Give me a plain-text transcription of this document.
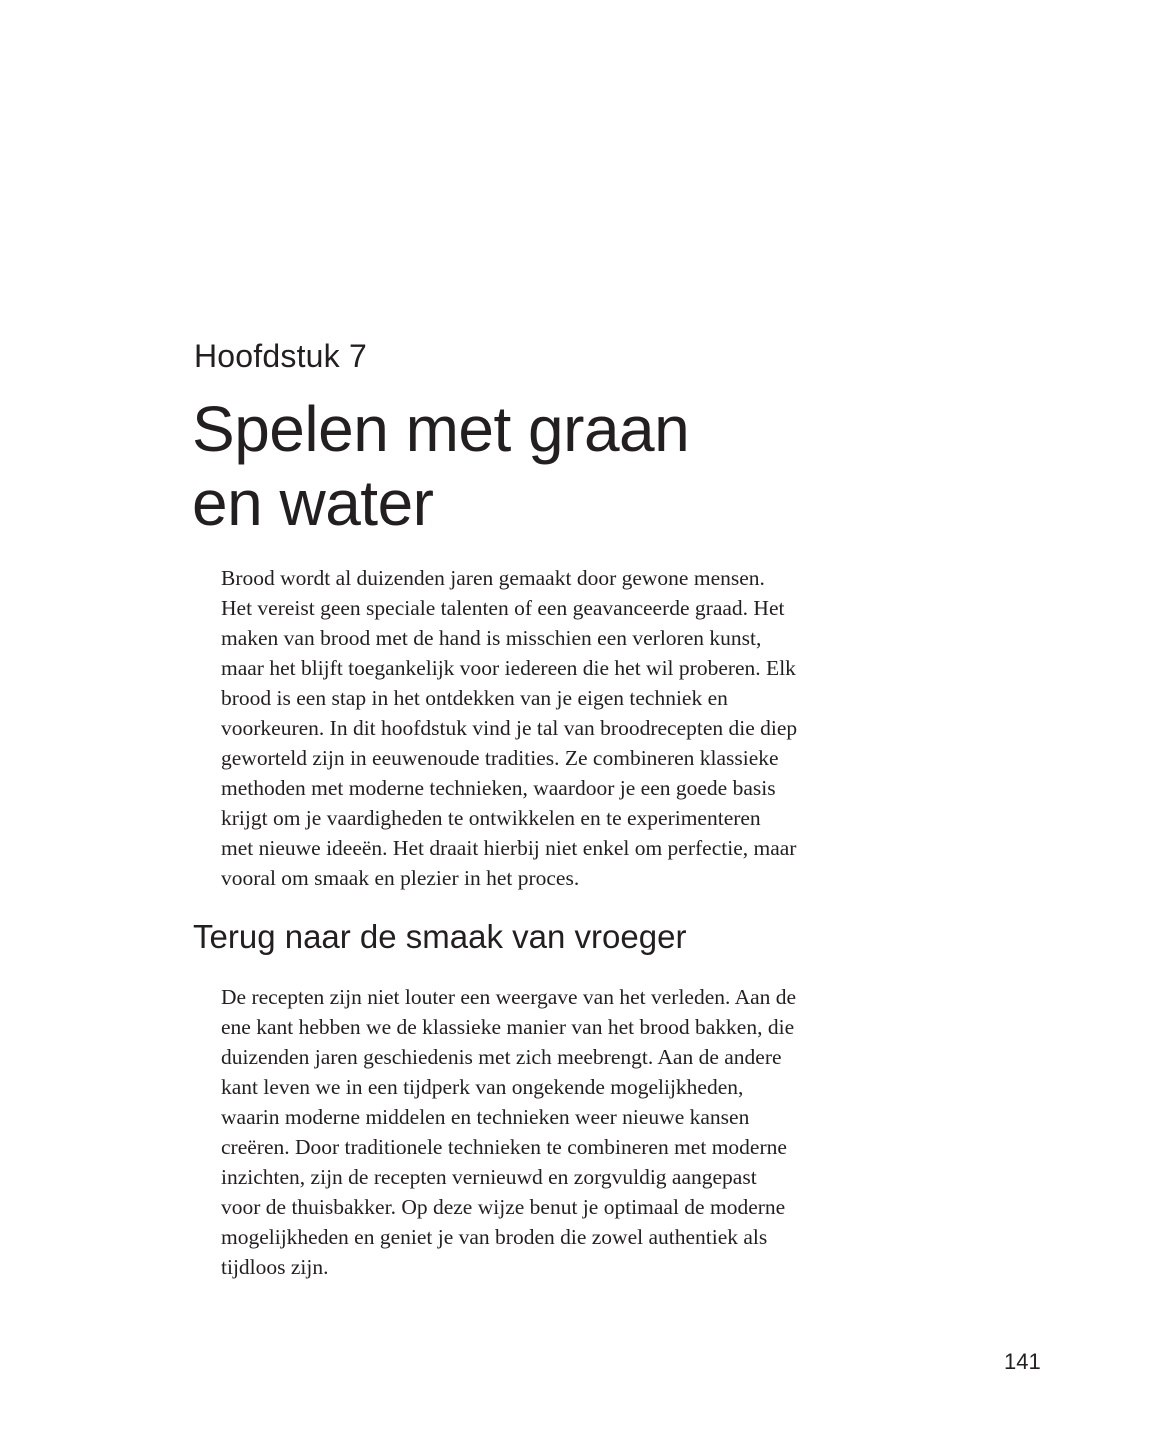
Hoofdstuk 7
Spelen met graan
en water

Brood wordt al duizenden jaren gemaakt door gewone mensen.
Het vereist geen speciale talenten of een geavanceerde graad. Het
maken van brood met de hand is misschien een verloren kunst,
maar het blijft toegankelijk voor iedereen die het wil proberen. Elk
brood is een stap in het ontdekken van je eigen techniek en
voorkeuren. In dit hoofdstuk vind je tal van broodrecepten die diep
geworteld zijn in eeuwenoude tradities. Ze combineren klassieke
methoden met moderne technieken, waardoor je een goede basis
krijgt om je vaardigheden te ontwikkelen en te experimenteren
met nieuwe ideeën. Het draait hierbij niet enkel om perfectie, maar
vooral om smaak en plezier in het proces.

Terug naar de smaak van vroeger

De recepten zijn niet louter een weergave van het verleden. Aan de
ene kant hebben we de klassieke manier van het brood bakken, die
duizenden jaren geschiedenis met zich meebrengt. Aan de andere
kant leven we in een tijdperk van ongekende mogelijkheden,
waarin moderne middelen en technieken weer nieuwe kansen
creëren. Door traditionele technieken te combineren met moderne
inzichten, zijn de recepten vernieuwd en zorgvuldig aangepast
voor de thuisbakker. Op deze wijze benut je optimaal de moderne
mogelijkheden en geniet je van broden die zowel authentiek als
tijdloos zijn.

141
